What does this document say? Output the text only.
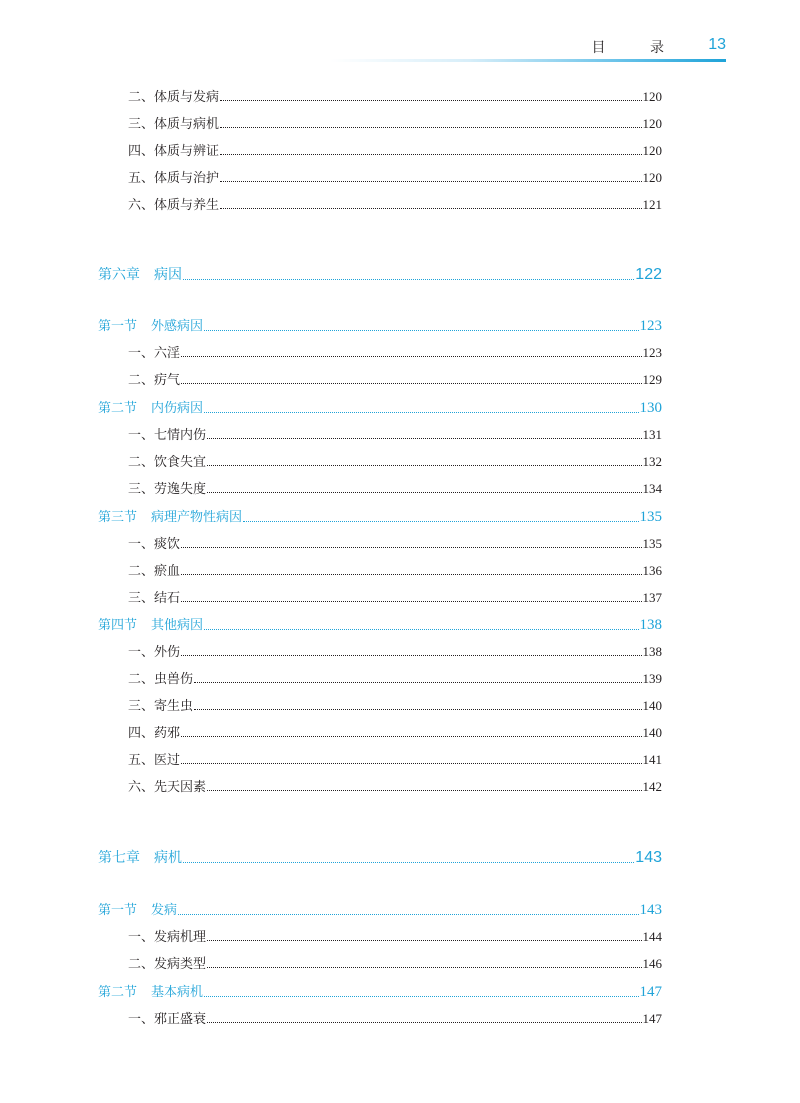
目 录 13
二、体质与发病	120
三、体质与病机	120
四、体质与辨证	120
五、体质与治护	120
六、体质与养生	121
第六章 病因	122
第一节 外感病因	123
一、六淫	123
二、疠气	129
第二节 内伤病因	130
一、七情内伤	131
二、饮食失宜	132
三、劳逸失度	134
第三节 病理产物性病因	135
一、痰饮	135
二、瘀血	136
三、结石	137
第四节 其他病因	138
一、外伤	138
二、虫兽伤	139
三、寄生虫	140
四、药邪	140
五、医过	141
六、先天因素	142
第七章 病机	143
第一节 发病	143
一、发病机理	144
二、发病类型	146
第二节 基本病机	147
一、邪正盛衰	147
